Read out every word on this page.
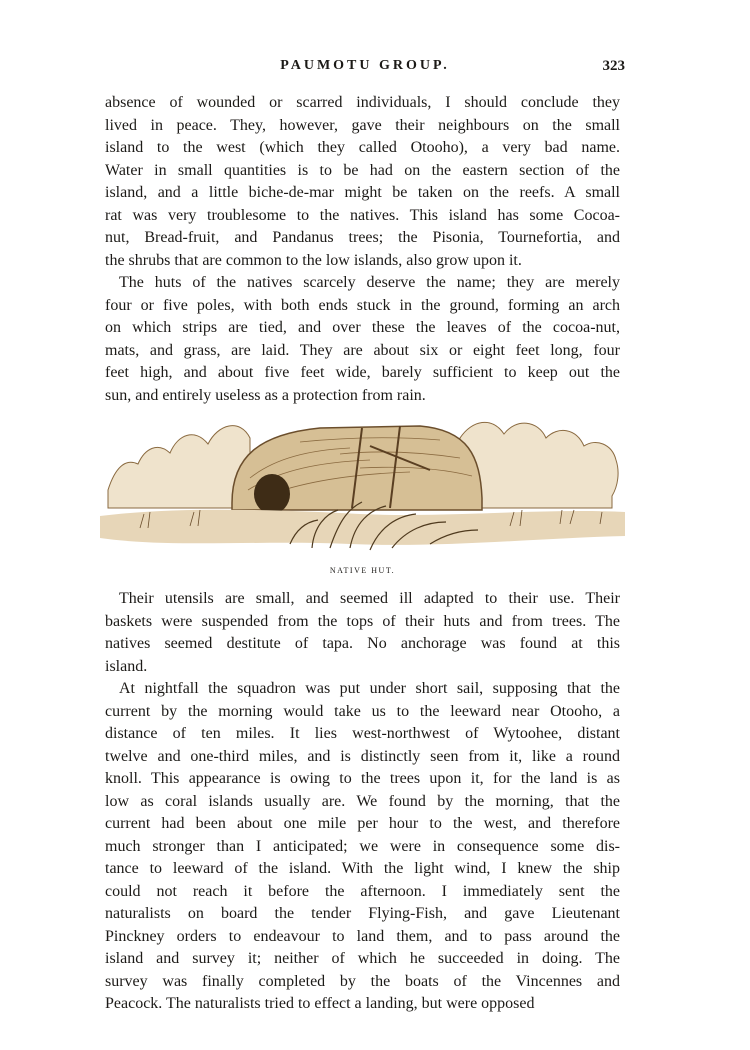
PAUMOTU GROUP.	323
absence of wounded or scarred individuals, I should conclude they
lived in peace. They, however, gave their neighbours on the small
island to the west (which they called Otooho), a very bad name.
Water in small quantities is to be had on the eastern section of the
island, and a little biche-de-mar might be taken on the reefs. A small
rat was very troublesome to the natives. This island has some Cocoa-
nut, Bread-fruit, and Pandanus trees; the Pisonia, Tournefortia, and
the shrubs that are common to the low islands, also grow upon it.
The huts of the natives scarcely deserve the name; they are merely
four or five poles, with both ends stuck in the ground, forming an arch
on which strips are tied, and over these the leaves of the cocoa-nut,
mats, and grass, are laid. They are about six or eight feet long, four
feet high, and about five feet wide, barely sufficient to keep out the
sun, and entirely useless as a protection from rain.
NATIVE HUT.
Their utensils are small, and seemed ill adapted to their use. Their
baskets were suspended from the tops of their huts and from trees. The
natives seemed destitute of tapa. No anchorage was found at this
island.
At nightfall the squadron was put under short sail, supposing that the
current by the morning would take us to the leeward near Otooho, a
distance of ten miles. It lies west-northwest of Wytoohee, distant
twelve and one-third miles, and is distinctly seen from it, like a round
knoll. This appearance is owing to the trees upon it, for the land is as
low as coral islands usually are. We found by the morning, that the
current had been about one mile per hour to the west, and therefore
much stronger than I anticipated; we were in consequence some dis-
tance to leeward of the island. With the light wind, I knew the ship
could not reach it before the afternoon. I immediately sent the
naturalists on board the tender Flying-Fish, and gave Lieutenant
Pinckney orders to endeavour to land them, and to pass around the
island and survey it; neither of which he succeeded in doing. The
survey was finally completed by the boats of the Vincennes and
Peacock. The naturalists tried to effect a landing, but were opposed
